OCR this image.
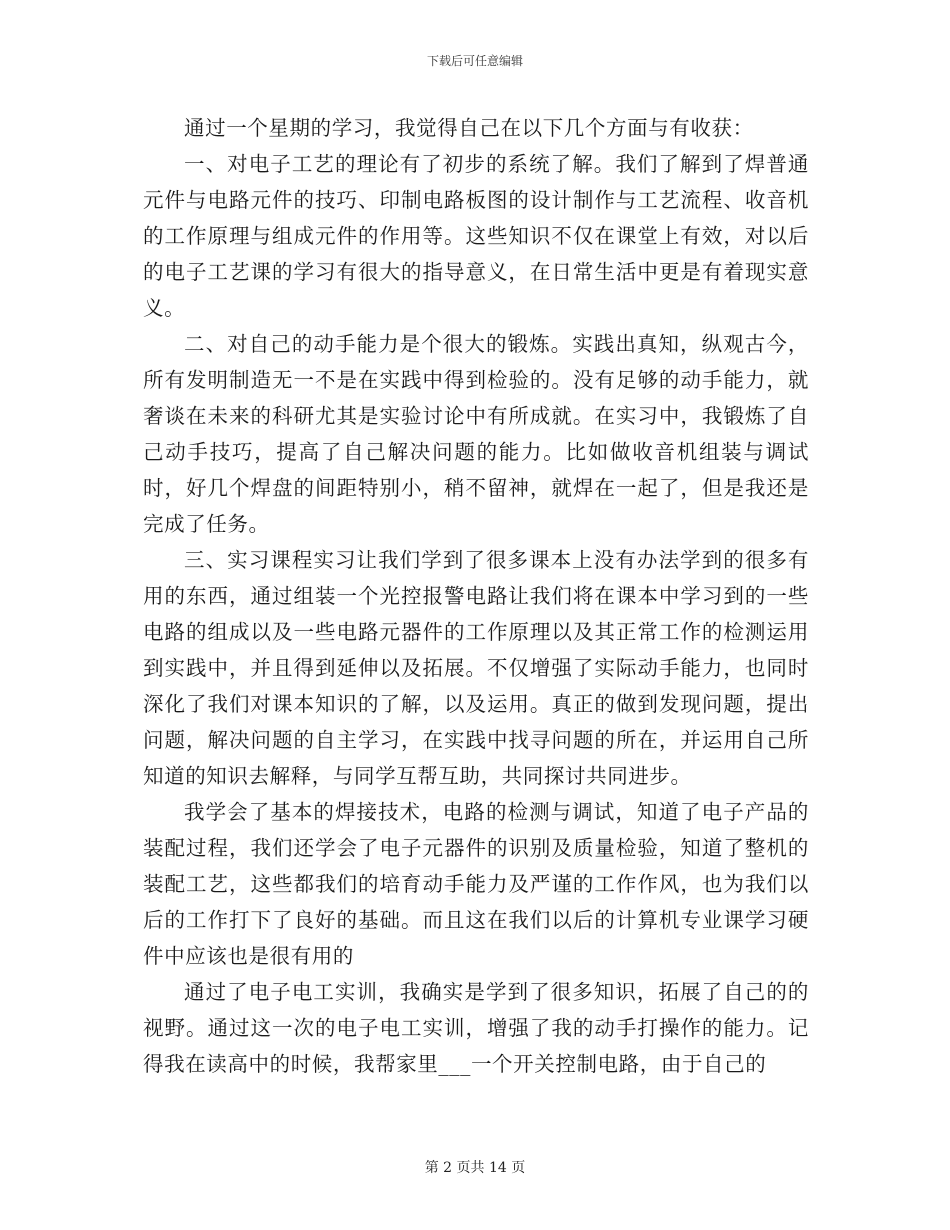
下载后可任意编辑

通过一个星期的学习，我觉得自己在以下几个方面与有收获：

一、对电子工艺的理论有了初步的系统了解。我们了解到了焊普通元件与电路元件的技巧、印制电路板图的设计制作与工艺流程、收音机的工作原理与组成元件的作用等。这些知识不仅在课堂上有效，对以后的电子工艺课的学习有很大的指导意义，在日常生活中更是有着现实意义。

二、对自己的动手能力是个很大的锻炼。实践出真知，纵观古今，所有发明制造无一不是在实践中得到检验的。没有足够的动手能力，就奢谈在未来的科研尤其是实验讨论中有所成就。在实习中，我锻炼了自己动手技巧，提高了自己解决问题的能力。比如做收音机组装与调试时，好几个焊盘的间距特别小，稍不留神，就焊在一起了，但是我还是完成了任务。

三、实习课程实习让我们学到了很多课本上没有办法学到的很多有用的东西，通过组装一个光控报警电路让我们将在课本中学习到的一些电路的组成以及一些电路元器件的工作原理以及其正常工作的检测运用到实践中，并且得到延伸以及拓展。不仅增强了实际动手能力，也同时深化了我们对课本知识的了解，以及运用。真正的做到发现问题，提出问题，解决问题的自主学习，在实践中找寻问题的所在，并运用自己所知道的知识去解释，与同学互帮互助，共同探讨共同进步。

我学会了基本的焊接技术，电路的检测与调试，知道了电子产品的装配过程，我们还学会了电子元器件的识别及质量检验，知道了整机的装配工艺，这些都我们的培育动手能力及严谨的工作作风，也为我们以后的工作打下了良好的基础。而且这在我们以后的计算机专业课学习硬件中应该也是很有用的

通过了电子电工实训，我确实是学到了很多知识，拓展了自己的的视野。通过这一次的电子电工实训，增强了我的动手打操作的能力。记得我在读高中的时候，我帮家里___一个开关控制电路，由于自己的

第 2 页共 14 页
